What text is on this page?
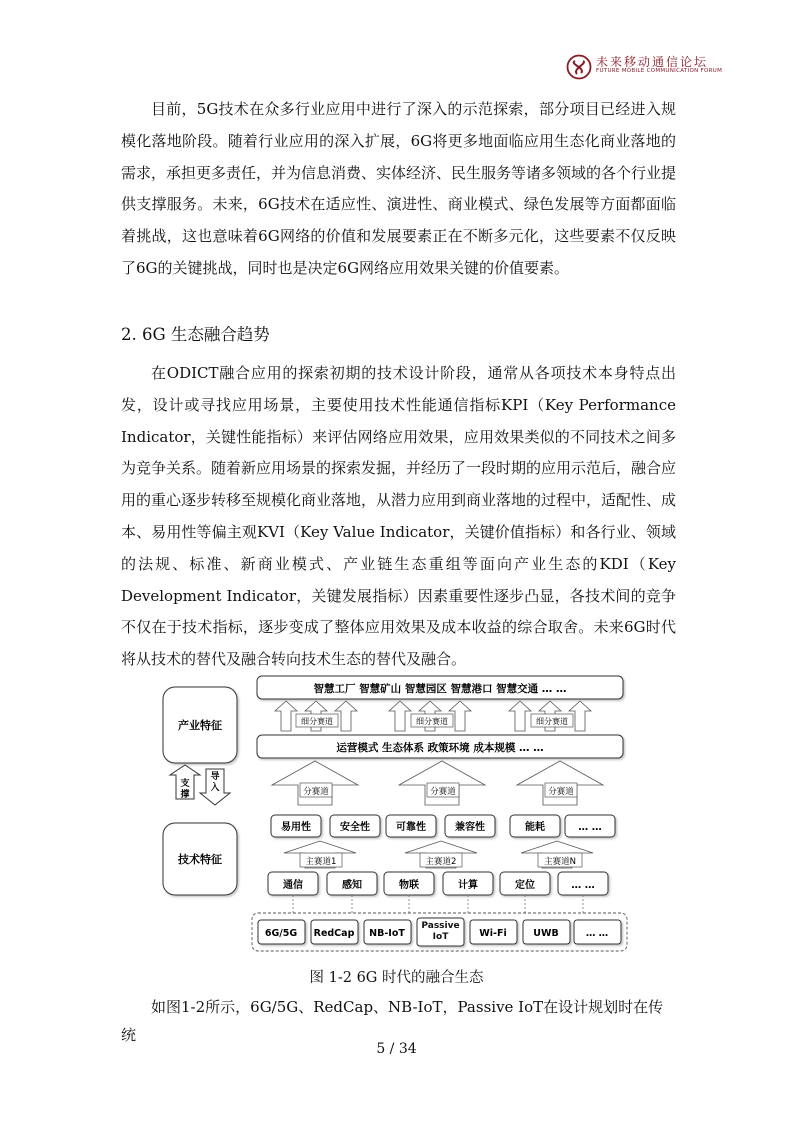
未来移动通信论坛
FUTURE MOBILE COMMUNICATION FORUM
目前，5G技术在众多行业应用中进行了深入的示范探索，部分项目已经进入规模化落地阶段。随着行业应用的深入扩展，6G将更多地面临应用生态化商业落地的需求，承担更多责任，并为信息消费、实体经济、民生服务等诸多领域的各个行业提供支撑服务。未来，6G技术在适应性、演进性、商业模式、绿色发展等方面都面临着挑战，这也意味着6G网络的价值和发展要素正在不断多元化，这些要素不仅反映了6G的关键挑战，同时也是决定6G网络应用效果关键的价值要素。
2. 6G 生态融合趋势
在ODICT融合应用的探索初期的技术设计阶段，通常从各项技术本身特点出发，设计或寻找应用场景，主要使用技术性能通信指标KPI（Key Performance Indicator，关键性能指标）来评估网络应用效果，应用效果类似的不同技术之间多为竞争关系。随着新应用场景的探索发掘，并经历了一段时期的应用示范后，融合应用的重心逐步转移至规模化商业落地，从潜力应用到商业落地的过程中，适配性、成本、易用性等偏主观KVI（Key Value Indicator，关键价值指标）和各行业、领域的法规、标准、新商业模式、产业链生态重组等面向产业生态的KDI（Key Development Indicator，关键发展指标）因素重要性逐步凸显，各技术间的竞争不仅在于技术指标，逐步变成了整体应用效果及成本收益的综合取舍。未来6G时代将从技术的替代及融合转向技术生态的替代及融合。
产业特征
技术特征
支
撑
导
入
智慧工厂 智慧矿山 智慧园区 智慧港口 智慧交通 … …
细分赛道	细分赛道	细分赛道
运营模式 生态体系 政策环境 成本规模 … …
分赛道	分赛道	分赛道
易用性	安全性	可靠性	兼容性	能耗	… …
主赛道1	主赛道2	主赛道N
通信	感知	物联	计算	定位	… …
6G/5G RedCap NB-IoT
Passive IoT	Wi-Fi	UWB	… …
图 1-2 6G 时代的融合生态
如图1-2所示，6G/5G、RedCap、NB-IoT，Passive IoT在设计规划时在传统
5 / 34
